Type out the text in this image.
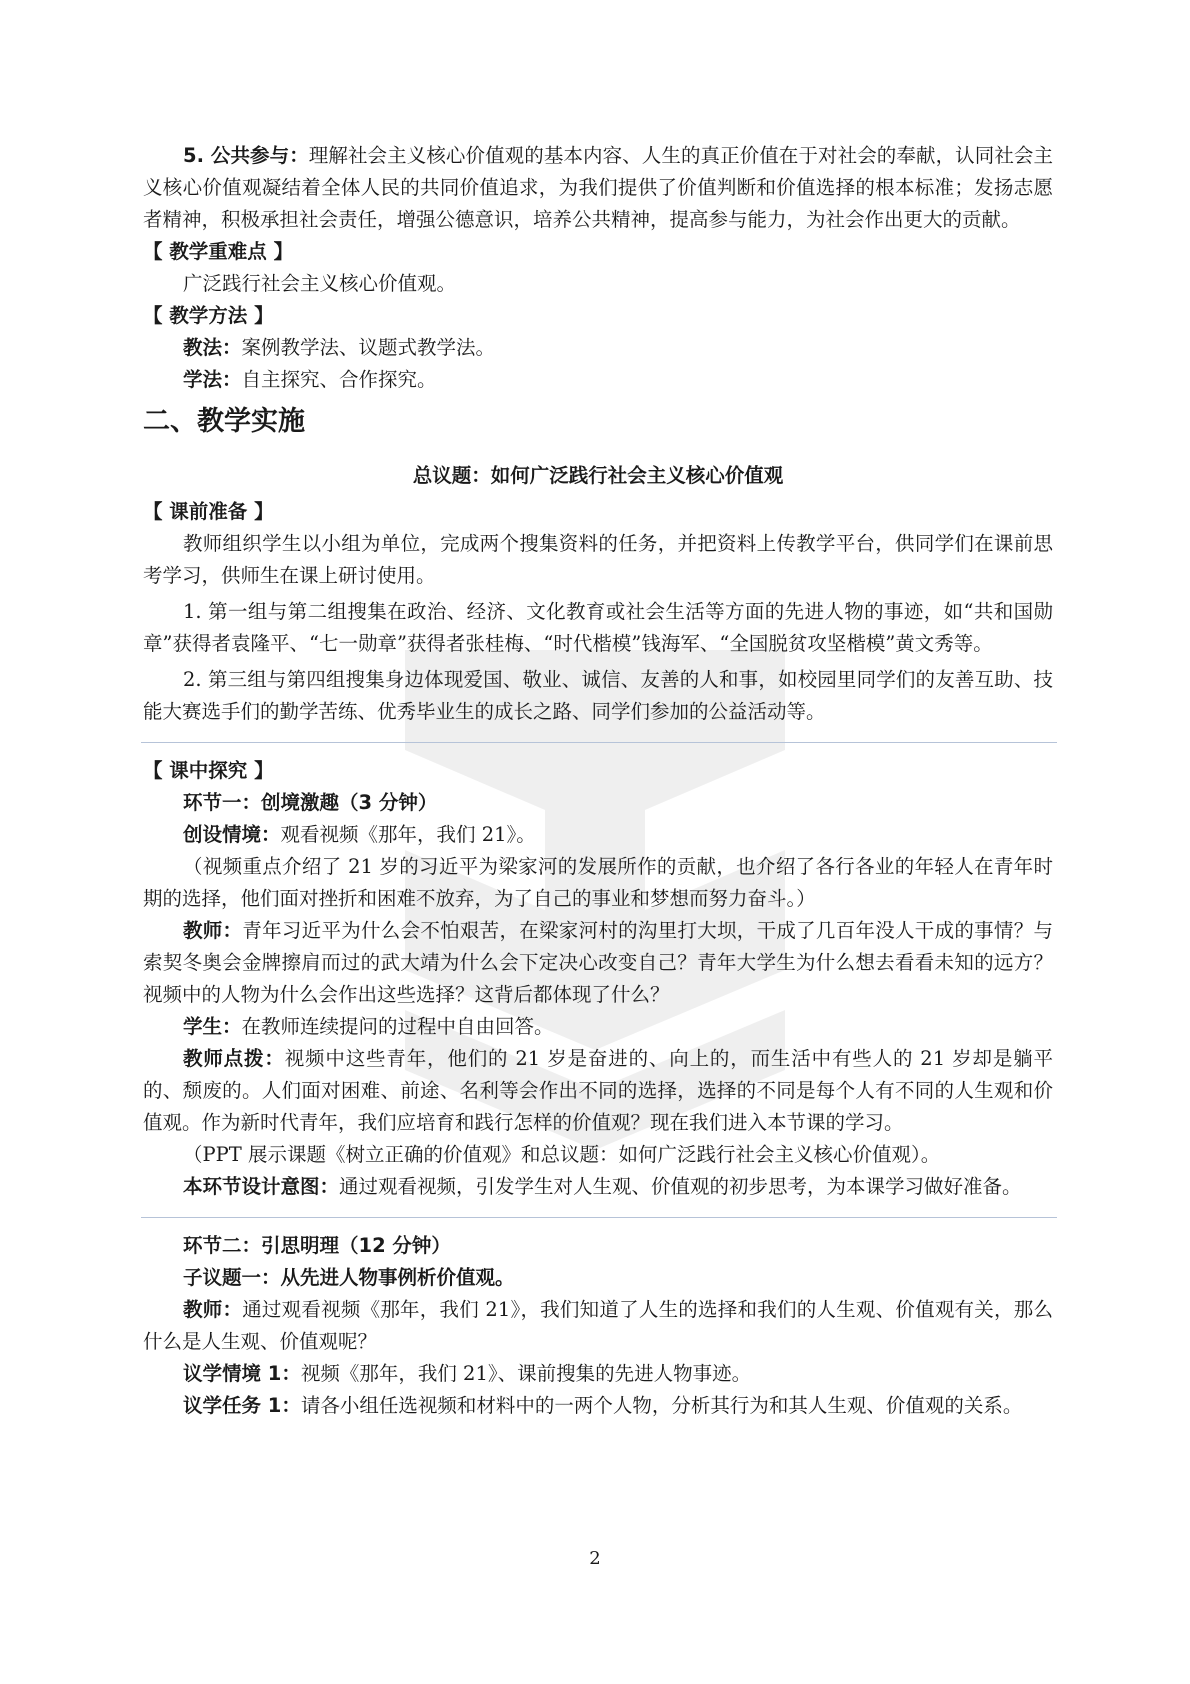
5. 公共参与：理解社会主义核心价值观的基本内容、人生的真正价值在于对社会的奉献，认同社会主义核心价值观凝结着全体人民的共同价值追求，为我们提供了价值判断和价值选择的根本标准；发扬志愿者精神，积极承担社会责任，增强公德意识，培养公共精神，提高参与能力，为社会作出更大的贡献。

【 教学重难点 】

广泛践行社会主义核心价值观。

【 教学方法 】

教法：案例教学法、议题式教学法。

学法：自主探究、合作探究。

二、教学实施

总议题：如何广泛践行社会主义核心价值观

【 课前准备 】

教师组织学生以小组为单位，完成两个搜集资料的任务，并把资料上传教学平台，供同学们在课前思考学习，供师生在课上研讨使用。

1. 第一组与第二组搜集在政治、经济、文化教育或社会生活等方面的先进人物的事迹，如“共和国勋章”获得者袁隆平、“七一勋章”获得者张桂梅、“时代楷模”钱海军、“全国脱贫攻坚楷模”黄文秀等。

2. 第三组与第四组搜集身边体现爱国、敬业、诚信、友善的人和事，如校园里同学们的友善互助、技能大赛选手们的勤学苦练、优秀毕业生的成长之路、同学们参加的公益活动等。

【 课中探究 】

环节一：创境激趣（3 分钟）

创设情境：观看视频《那年，我们 21》。

（视频重点介绍了 21 岁的习近平为梁家河的发展所作的贡献，也介绍了各行各业的年轻人在青年时期的选择，他们面对挫折和困难不放弃，为了自己的事业和梦想而努力奋斗。）

教师：青年习近平为什么会不怕艰苦，在梁家河村的沟里打大坝，干成了几百年没人干成的事情？与索契冬奥会金牌擦肩而过的武大靖为什么会下定决心改变自己？青年大学生为什么想去看看未知的远方？视频中的人物为什么会作出这些选择？这背后都体现了什么？

学生：在教师连续提问的过程中自由回答。

教师点拨：视频中这些青年，他们的 21 岁是奋进的、向上的，而生活中有些人的 21 岁却是躺平的、颓废的。人们面对困难、前途、名利等会作出不同的选择，选择的不同是每个人有不同的人生观和价值观。作为新时代青年，我们应培育和践行怎样的价值观？现在我们进入本节课的学习。

（PPT 展示课题《树立正确的价值观》和总议题：如何广泛践行社会主义核心价值观）。

本环节设计意图：通过观看视频，引发学生对人生观、价值观的初步思考，为本课学习做好准备。

环节二：引思明理（12 分钟）

子议题一：从先进人物事例析价值观。

教师：通过观看视频《那年，我们 21》，我们知道了人生的选择和我们的人生观、价值观有关，那么什么是人生观、价值观呢？

议学情境 1：视频《那年，我们 21》、课前搜集的先进人物事迹。

议学任务 1：请各小组任选视频和材料中的一两个人物，分析其行为和其人生观、价值观的关系。

2
